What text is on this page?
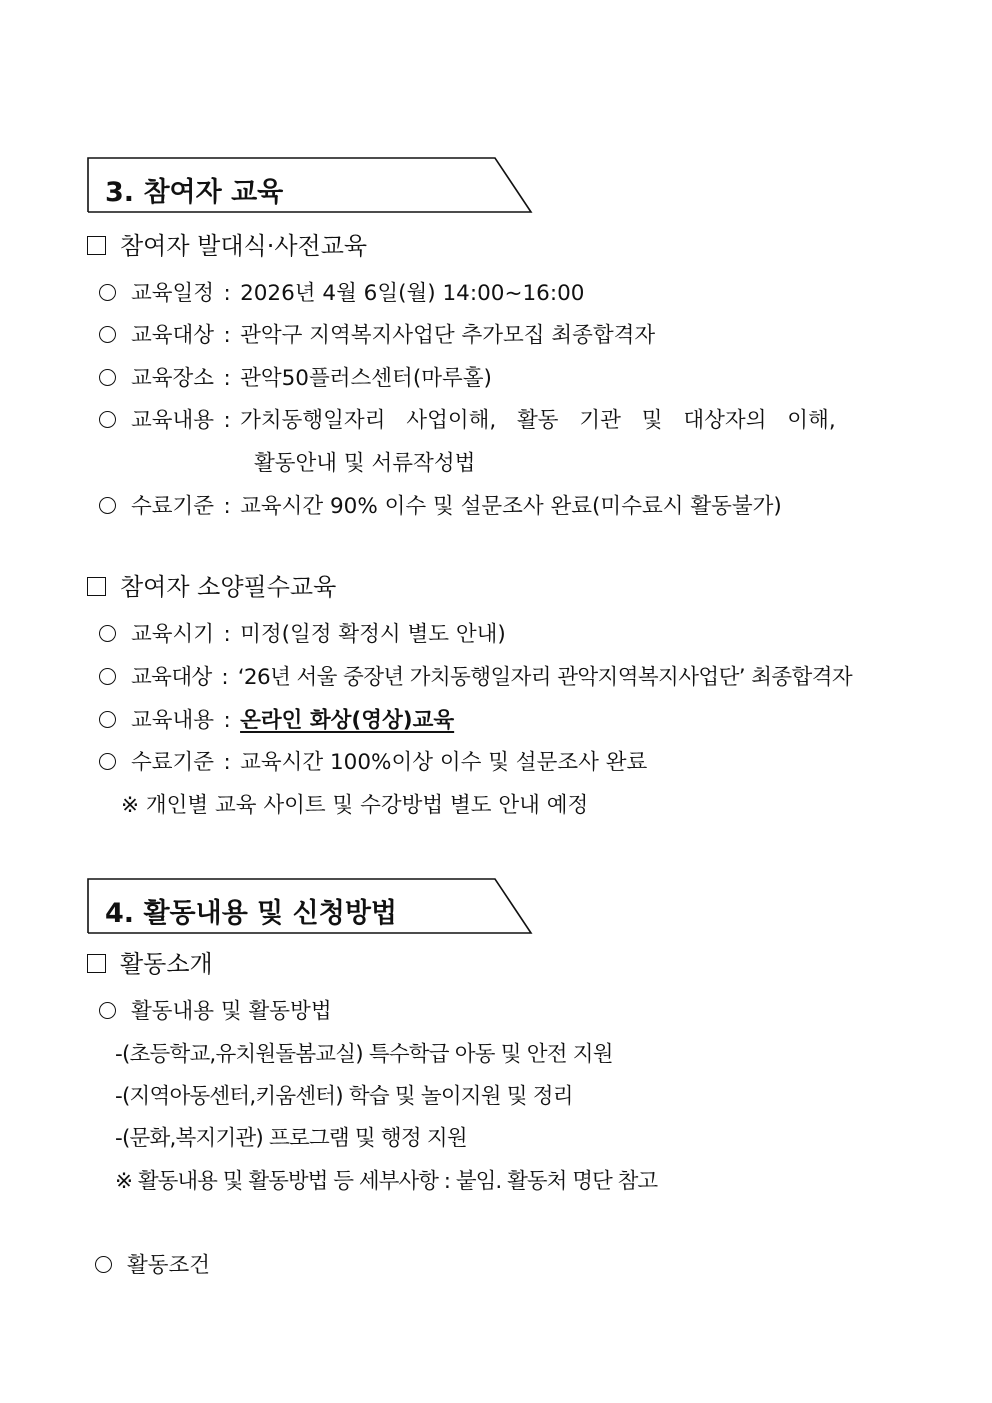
3. 참여자 교육
참여자 발대식·사전교육
교육일정 : 2026년 4월 6일(월) 14:00~16:00
교육대상 : 관악구 지역복지사업단 추가모집 최종합격자
교육장소 : 관악50플러스센터(마루홀)
교육내용 : 가치동행일자리 사업이해, 활동 기관 및 대상자의 이해,
활동안내 및 서류작성법
수료기준 : 교육시간 90% 이수 및 설문조사 완료(미수료시 활동불가)
참여자 소양필수교육
교육시기 : 미정(일정 확정시 별도 안내)
교육대상 : ‘26년 서울 중장년 가치동행일자리 관악지역복지사업단’ 최종합격자
교육내용 : 온라인 화상(영상)교육
수료기준 : 교육시간 100%이상 이수 및 설문조사 완료
※ 개인별 교육 사이트 및 수강방법 별도 안내 예정
4. 활동내용 및 신청방법
활동소개
활동내용 및 활동방법
-(초등학교,유치원돌봄교실) 특수학급 아동 및 안전 지원
-(지역아동센터,키움센터) 학습 및 놀이지원 및 정리
-(문화,복지기관) 프로그램 및 행정 지원
※ 활동내용 및 활동방법 등 세부사항 : 붙임. 활동처 명단 참고
활동조건
